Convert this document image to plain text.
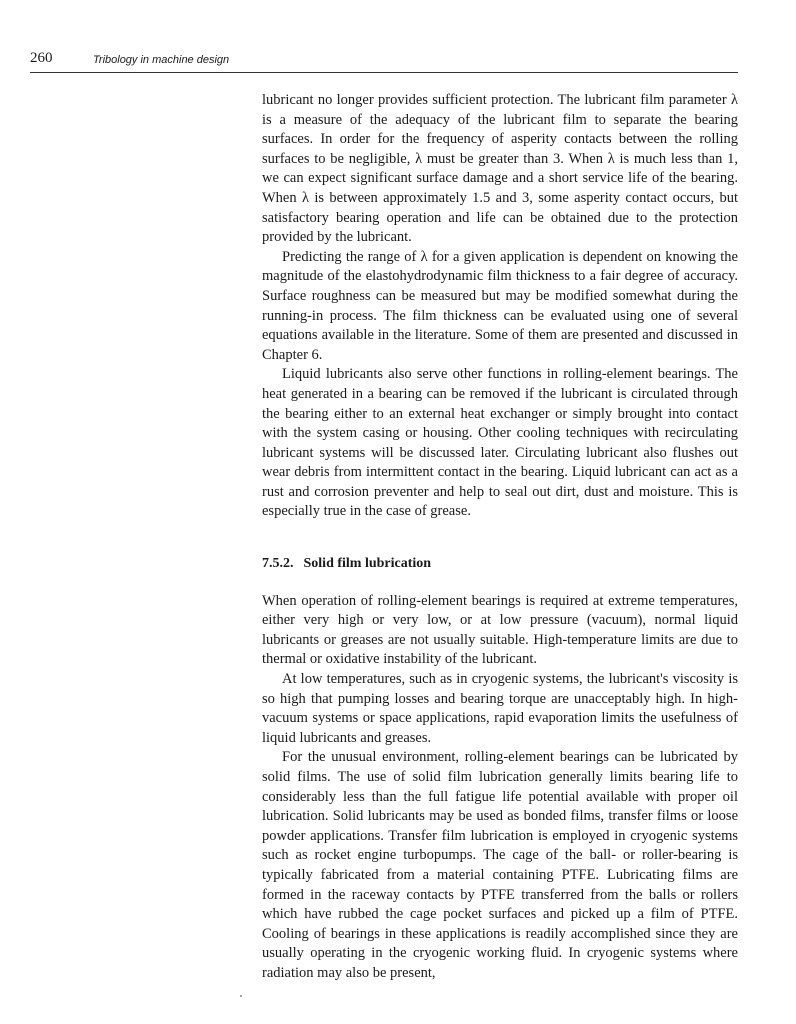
260	Tribology in machine design

lubricant no longer provides sufficient protection. The lubricant film parameter λ is a measure of the adequacy of the lubricant film to separate the bearing surfaces. In order for the frequency of asperity contacts between the rolling surfaces to be negligible, λ must be greater than 3. When λ is much less than 1, we can expect significant surface damage and a short service life of the bearing. When λ is between approximately 1.5 and 3, some asperity contact occurs, but satisfactory bearing operation and life can be obtained due to the protection provided by the lubricant.

Predicting the range of λ for a given application is dependent on knowing the magnitude of the elastohydrodynamic film thickness to a fair degree of accuracy. Surface roughness can be measured but may be modified somewhat during the running-in process. The film thickness can be evaluated using one of several equations available in the literature. Some of them are presented and discussed in Chapter 6.

Liquid lubricants also serve other functions in rolling-element bearings. The heat generated in a bearing can be removed if the lubricant is circulated through the bearing either to an external heat exchanger or simply brought into contact with the system casing or housing. Other cooling techniques with recirculating lubricant systems will be discussed later. Circulating lubricant also flushes out wear debris from intermittent contact in the bearing. Liquid lubricant can act as a rust and corrosion preventer and help to seal out dirt, dust and moisture. This is especially true in the case of grease.

7.5.2. Solid film lubrication

When operation of rolling-element bearings is required at extreme temperatures, either very high or very low, or at low pressure (vacuum), normal liquid lubricants or greases are not usually suitable. High-temperature limits are due to thermal or oxidative instability of the lubricant.

At low temperatures, such as in cryogenic systems, the lubricant's viscosity is so high that pumping losses and bearing torque are unacceptably high. In high-vacuum systems or space applications, rapid evaporation limits the usefulness of liquid lubricants and greases.

For the unusual environment, rolling-element bearings can be lubricated by solid films. The use of solid film lubrication generally limits bearing life to considerably less than the full fatigue life potential available with proper oil lubrication. Solid lubricants may be used as bonded films, transfer films or loose powder applications. Transfer film lubrication is employed in cryogenic systems such as rocket engine turbopumps. The cage of the ball- or roller-bearing is typically fabricated from a material containing PTFE. Lubricating films are formed in the raceway contacts by PTFE transferred from the balls or rollers which have rubbed the cage pocket surfaces and picked up a film of PTFE. Cooling of bearings in these applications is readily accomplished since they are usually operating in the cryogenic working fluid. In cryogenic systems where radiation may also be present,
